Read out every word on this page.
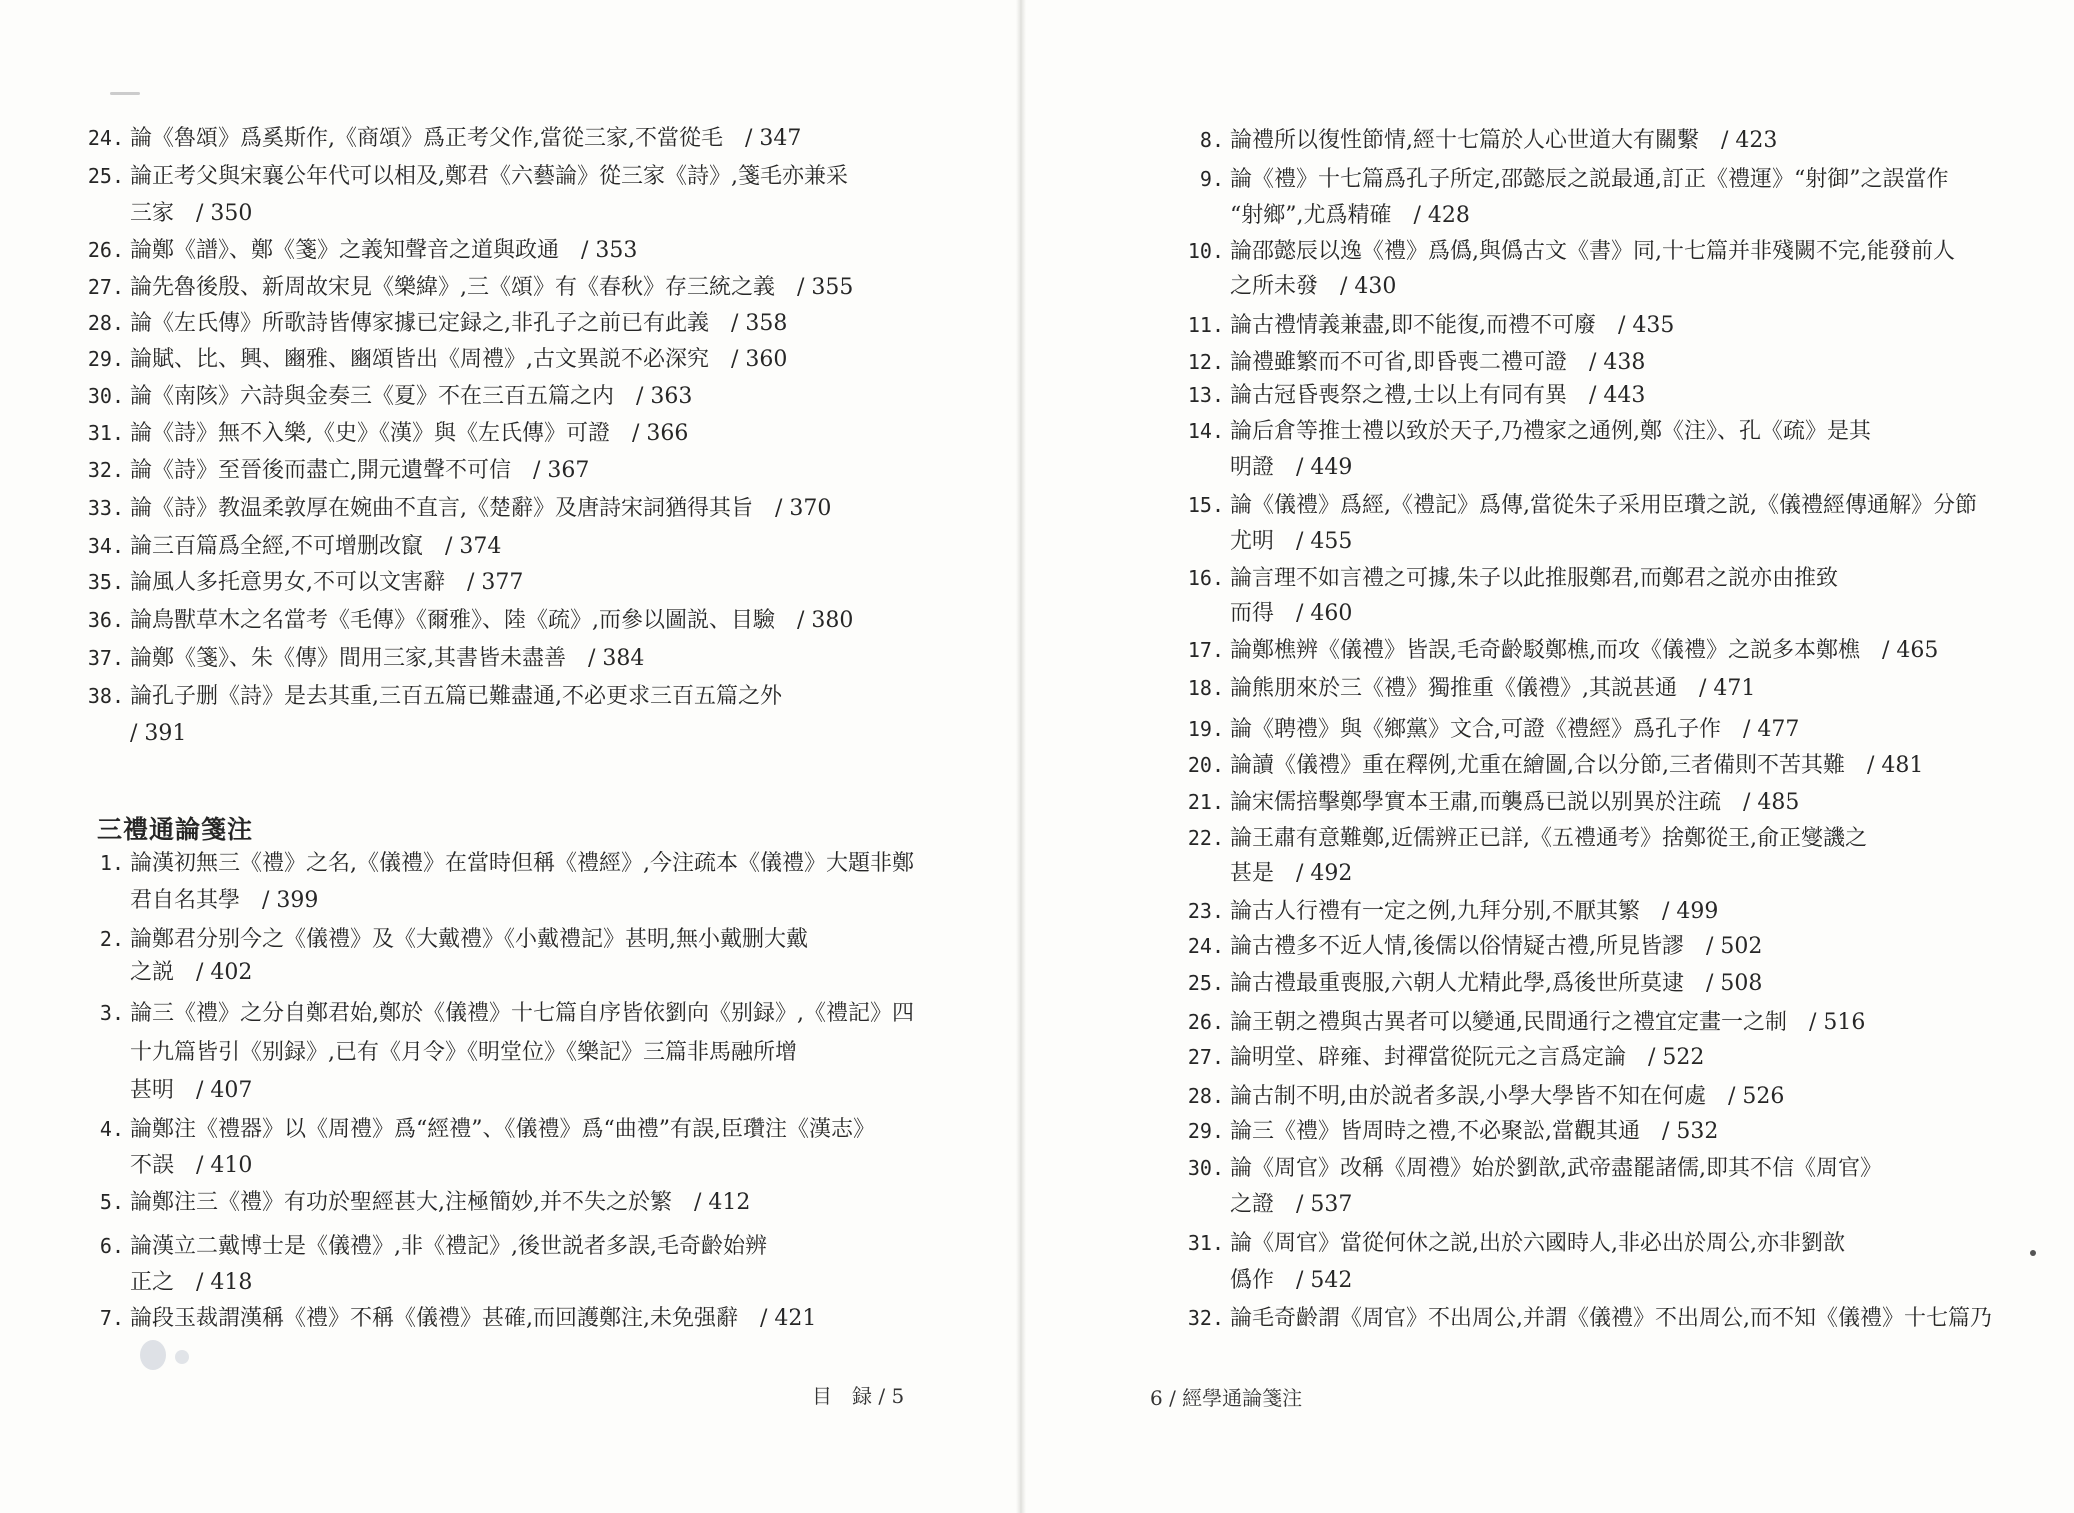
三禮通論箋注
目　録 / 5	6 / 經學通論箋注
24. 論《魯頌》爲奚斯作,《商頌》爲正考父作,當從三家,不當從毛　/ 347
25. 論正考父與宋襄公年代可以相及,鄭君《六藝論》從三家《詩》,箋毛亦兼采
三家　/ 350
26. 論鄭《譜》、鄭《箋》之義知聲音之道與政通　/ 353
27. 論先魯後殷、新周故宋見《樂緯》,三《頌》有《春秋》存三統之義　/ 355
28. 論《左氏傳》所歌詩皆傳家據已定録之,非孔子之前已有此義　/ 358
29. 論賦、比、興、豳雅、豳頌皆出《周禮》,古文異説不必深究　/ 360
30. 論《南陔》六詩與金奏三《夏》不在三百五篇之内　/ 363
31. 論《詩》無不入樂,《史》《漢》與《左氏傳》可證　/ 366
32. 論《詩》至晉後而盡亡,開元遺聲不可信　/ 367
33. 論《詩》教温柔敦厚在婉曲不直言,《楚辭》及唐詩宋詞猶得其旨　/ 370
34. 論三百篇爲全經,不可增删改竄　/ 374
35. 論風人多托意男女,不可以文害辭　/ 377
36. 論鳥獸草木之名當考《毛傳》《爾雅》、陸《疏》,而參以圖説、目驗　/ 380
37. 論鄭《箋》、朱《傳》間用三家,其書皆未盡善　/ 384
38. 論孔子删《詩》是去其重,三百五篇已難盡通,不必更求三百五篇之外
/ 391
1. 論漢初無三《禮》之名,《儀禮》在當時但稱《禮經》,今注疏本《儀禮》大題非鄭
君自名其學　/ 399
2. 論鄭君分别今之《儀禮》及《大戴禮》《小戴禮記》甚明,無小戴删大戴
之説　/ 402
3. 論三《禮》之分自鄭君始,鄭於《儀禮》十七篇自序皆依劉向《别録》,《禮記》四
十九篇皆引《别録》,已有《月令》《明堂位》《樂記》三篇非馬融所增
甚明　/ 407
4. 論鄭注《禮器》以《周禮》爲“經禮”、《儀禮》爲“曲禮”有誤,臣瓚注《漢志》
不誤　/ 410
5. 論鄭注三《禮》有功於聖經甚大,注極簡妙,并不失之於繁　/ 412
6. 論漢立二戴博士是《儀禮》,非《禮記》,後世説者多誤,毛奇齡始辨
正之　/ 418
7. 論段玉裁謂漢稱《禮》不稱《儀禮》甚確,而回護鄭注,未免强辭　/ 421
8. 論禮所以復性節情,經十七篇於人心世道大有關繫　/ 423
9. 論《禮》十七篇爲孔子所定,邵懿辰之説最通,訂正《禮運》“射御”之誤當作
“射鄉”,尤爲精確　/ 428
10. 論邵懿辰以逸《禮》爲僞,與僞古文《書》同,十七篇并非殘闕不完,能發前人
之所未發　/ 430
11. 論古禮情義兼盡,即不能復,而禮不可廢　/ 435
12. 論禮雖繁而不可省,即昏喪二禮可證　/ 438
13. 論古冠昏喪祭之禮,士以上有同有異　/ 443
14. 論后倉等推士禮以致於天子,乃禮家之通例,鄭《注》、孔《疏》是其
明證　/ 449
15. 論《儀禮》爲經,《禮記》爲傳,當從朱子采用臣瓚之説,《儀禮經傳通解》分節
尤明　/ 455
16. 論言理不如言禮之可據,朱子以此推服鄭君,而鄭君之説亦由推致
而得　/ 460
17. 論鄭樵辨《儀禮》皆誤,毛奇齡駁鄭樵,而攻《儀禮》之説多本鄭樵　/ 465
18. 論熊朋來於三《禮》獨推重《儀禮》,其説甚通　/ 471
19. 論《聘禮》與《鄉黨》文合,可證《禮經》爲孔子作　/ 477
20. 論讀《儀禮》重在釋例,尤重在繪圖,合以分節,三者備則不苦其難　/ 481
21. 論宋儒掊擊鄭學實本王肅,而襲爲已説以别異於注疏　/ 485
22. 論王肅有意難鄭,近儒辨正已詳,《五禮通考》捨鄭從王,俞正燮譏之
甚是　/ 492
23. 論古人行禮有一定之例,九拜分别,不厭其繁　/ 499
24. 論古禮多不近人情,後儒以俗情疑古禮,所見皆謬　/ 502
25. 論古禮最重喪服,六朝人尤精此學,爲後世所莫逮　/ 508
26. 論王朝之禮與古異者可以變通,民間通行之禮宜定畫一之制　/ 516
27. 論明堂、辟雍、封禪當從阮元之言爲定論　/ 522
28. 論古制不明,由於説者多誤,小學大學皆不知在何處　/ 526
29. 論三《禮》皆周時之禮,不必聚訟,當觀其通　/ 532
30. 論《周官》改稱《周禮》始於劉歆,武帝盡罷諸儒,即其不信《周官》
之證　/ 537
31. 論《周官》當從何休之説,出於六國時人,非必出於周公,亦非劉歆
僞作　/ 542
32. 論毛奇齡謂《周官》不出周公,并謂《儀禮》不出周公,而不知《儀禮》十七篇乃
